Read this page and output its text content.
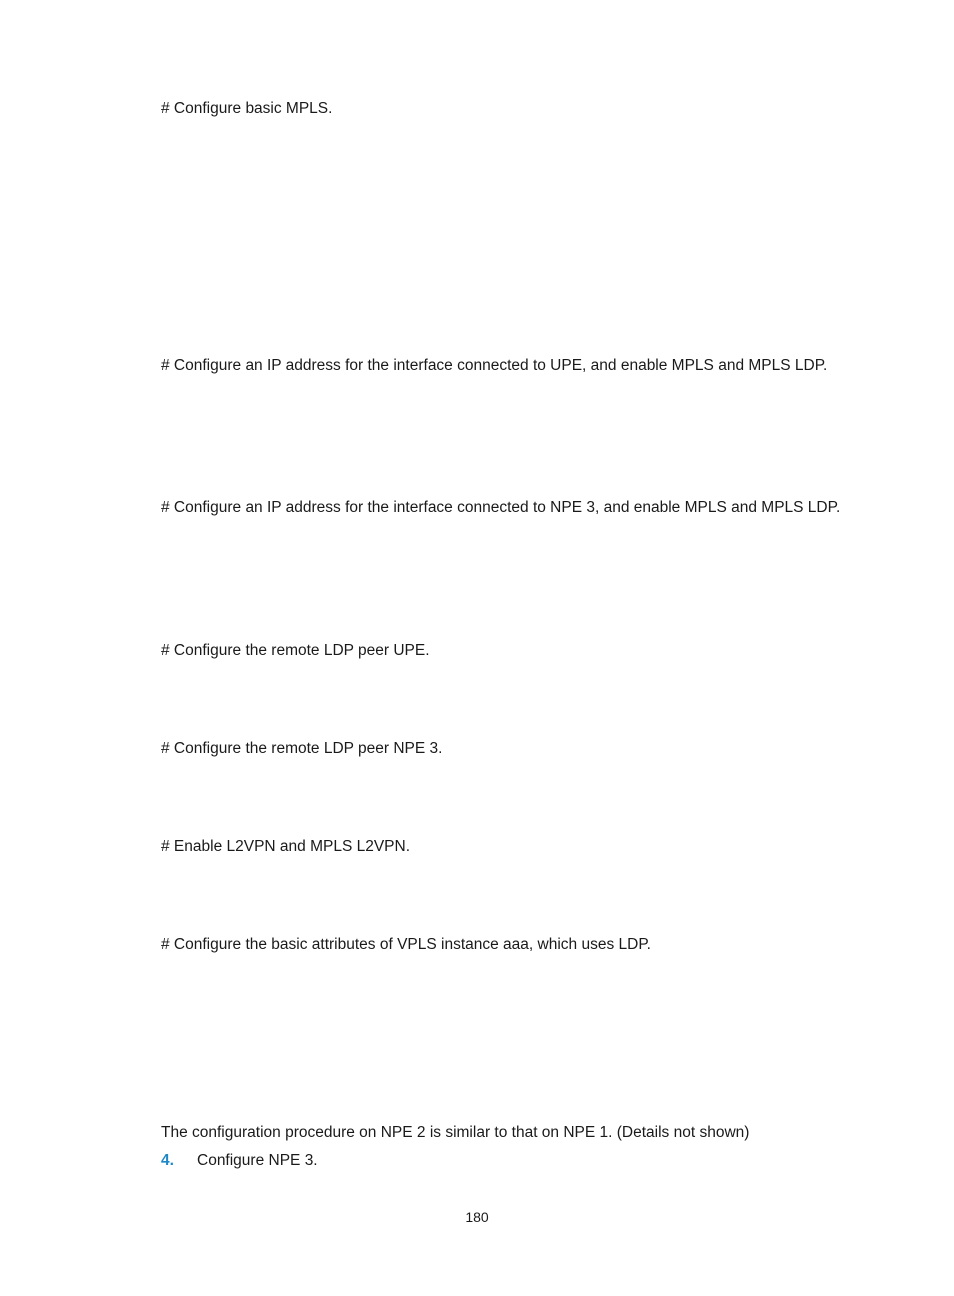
# Configure basic MPLS.

# Configure an IP address for the interface connected to UPE, and enable MPLS and MPLS LDP.

# Configure an IP address for the interface connected to NPE 3, and enable MPLS and MPLS LDP.

# Configure the remote LDP peer UPE.

# Configure the remote LDP peer NPE 3.

# Enable L2VPN and MPLS L2VPN.

# Configure the basic attributes of VPLS instance aaa, which uses LDP.

The configuration procedure on NPE 2 is similar to that on NPE 1. (Details not shown)

4. Configure NPE 3.
180
